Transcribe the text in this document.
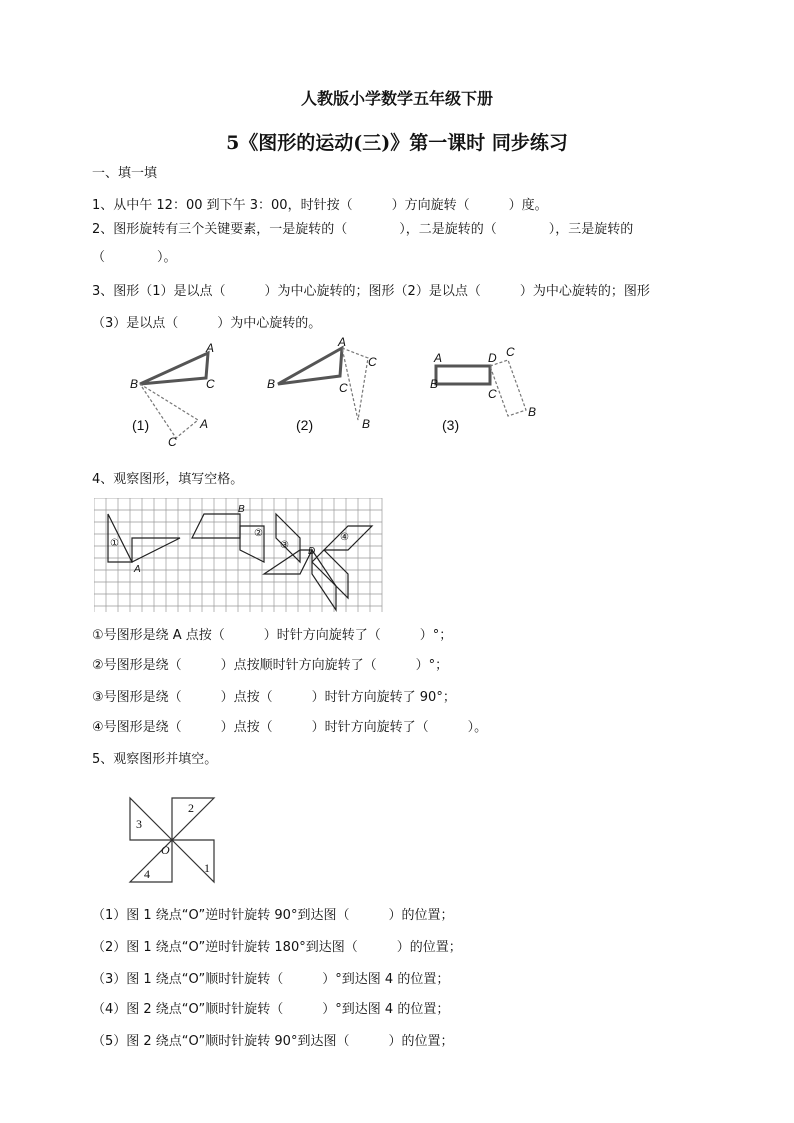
人教版小学数学五年级下册
5《图形的运动(三)》第一课时 同步练习
一、填一填
1、从中午 12：00 到下午 3：00，时针按（　　　）方向旋转（　　　）度。
2、图形旋转有三个关键要素，一是旋转的（　　　　），二是旋转的（　　　　），三是旋转的
（　　　　）。
3、图形（1）是以点（　　　）为中心旋转的；图形（2）是以点（　　　）为中心旋转的；图形
（3）是以点（　　　）为中心旋转的。
A
B	C
A
C
(1)
A
B	C
C
B
(2)
A	D C
B
C
B
(3)
4、观察图形，填写空格。
①
②
③
④
A
B
D
①号图形是绕 A 点按（　　　）时针方向旋转了（　　　）°；
②号图形是绕（　　　）点按顺时针方向旋转了（　　　）°；
③号图形是绕（　　　）点按（　　　）时针方向旋转了 90°；
④号图形是绕（　　　）点按（　　　）时针方向旋转了（　　　）。
5、观察图形并填空。
2
1
4
3
O
（1）图 1 绕点“O”逆时针旋转 90°到达图（　　　）的位置；
（2）图 1 绕点“O”逆时针旋转 180°到达图（　　　）的位置；
（3）图 1 绕点“O”顺时针旋转（　　　）°到达图 4 的位置；
（4）图 2 绕点“O”顺时针旋转（　　　）°到达图 4 的位置；
（5）图 2 绕点“O”顺时针旋转 90°到达图（　　　）的位置；
